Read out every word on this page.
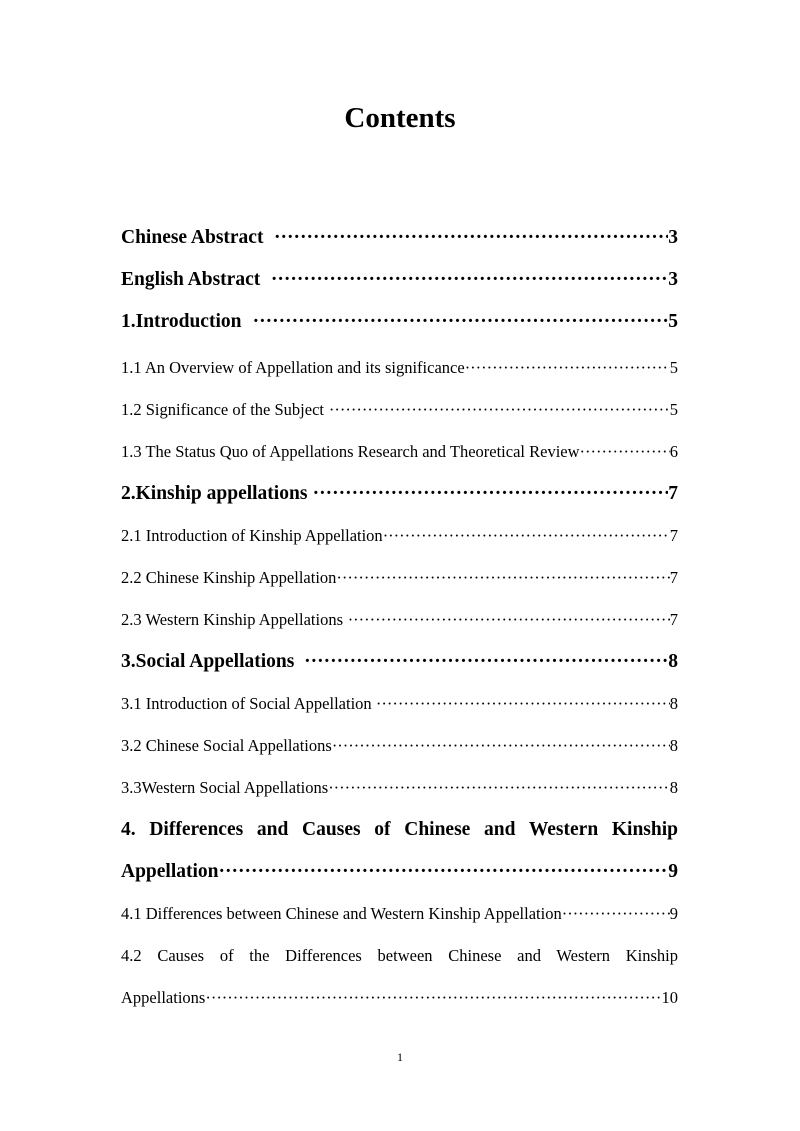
Contents
Chinese Abstract ·····	3
English Abstract ·····	3
1.Introduction ·····	5
1.1 An Overview of Appellation and its significance ·····	5
1.2 Significance of the Subject ·····	5
1.3 The Status Quo of Appellations Research and Theoretical Review ·····	6
2.Kinship appellations ·····	7
2.1 Introduction of Kinship Appellation ·····	7
2.2 Chinese Kinship Appellation ·····	7
2.3 Western Kinship Appellations ·····	7
3.Social Appellations ·····	8
3.1 Introduction of Social Appellation ·····	8
3.2 Chinese Social Appellations ·····	8
3.3Western Social Appellations ·····	8
4. Differences and Causes of Chinese and Western Kinship
Appellation ·····	9
4.1 Differences between Chinese and Western Kinship Appellation ·····	9
4.2 Causes of the Differences between Chinese and Western Kinship
Appellations ·····	10
1
